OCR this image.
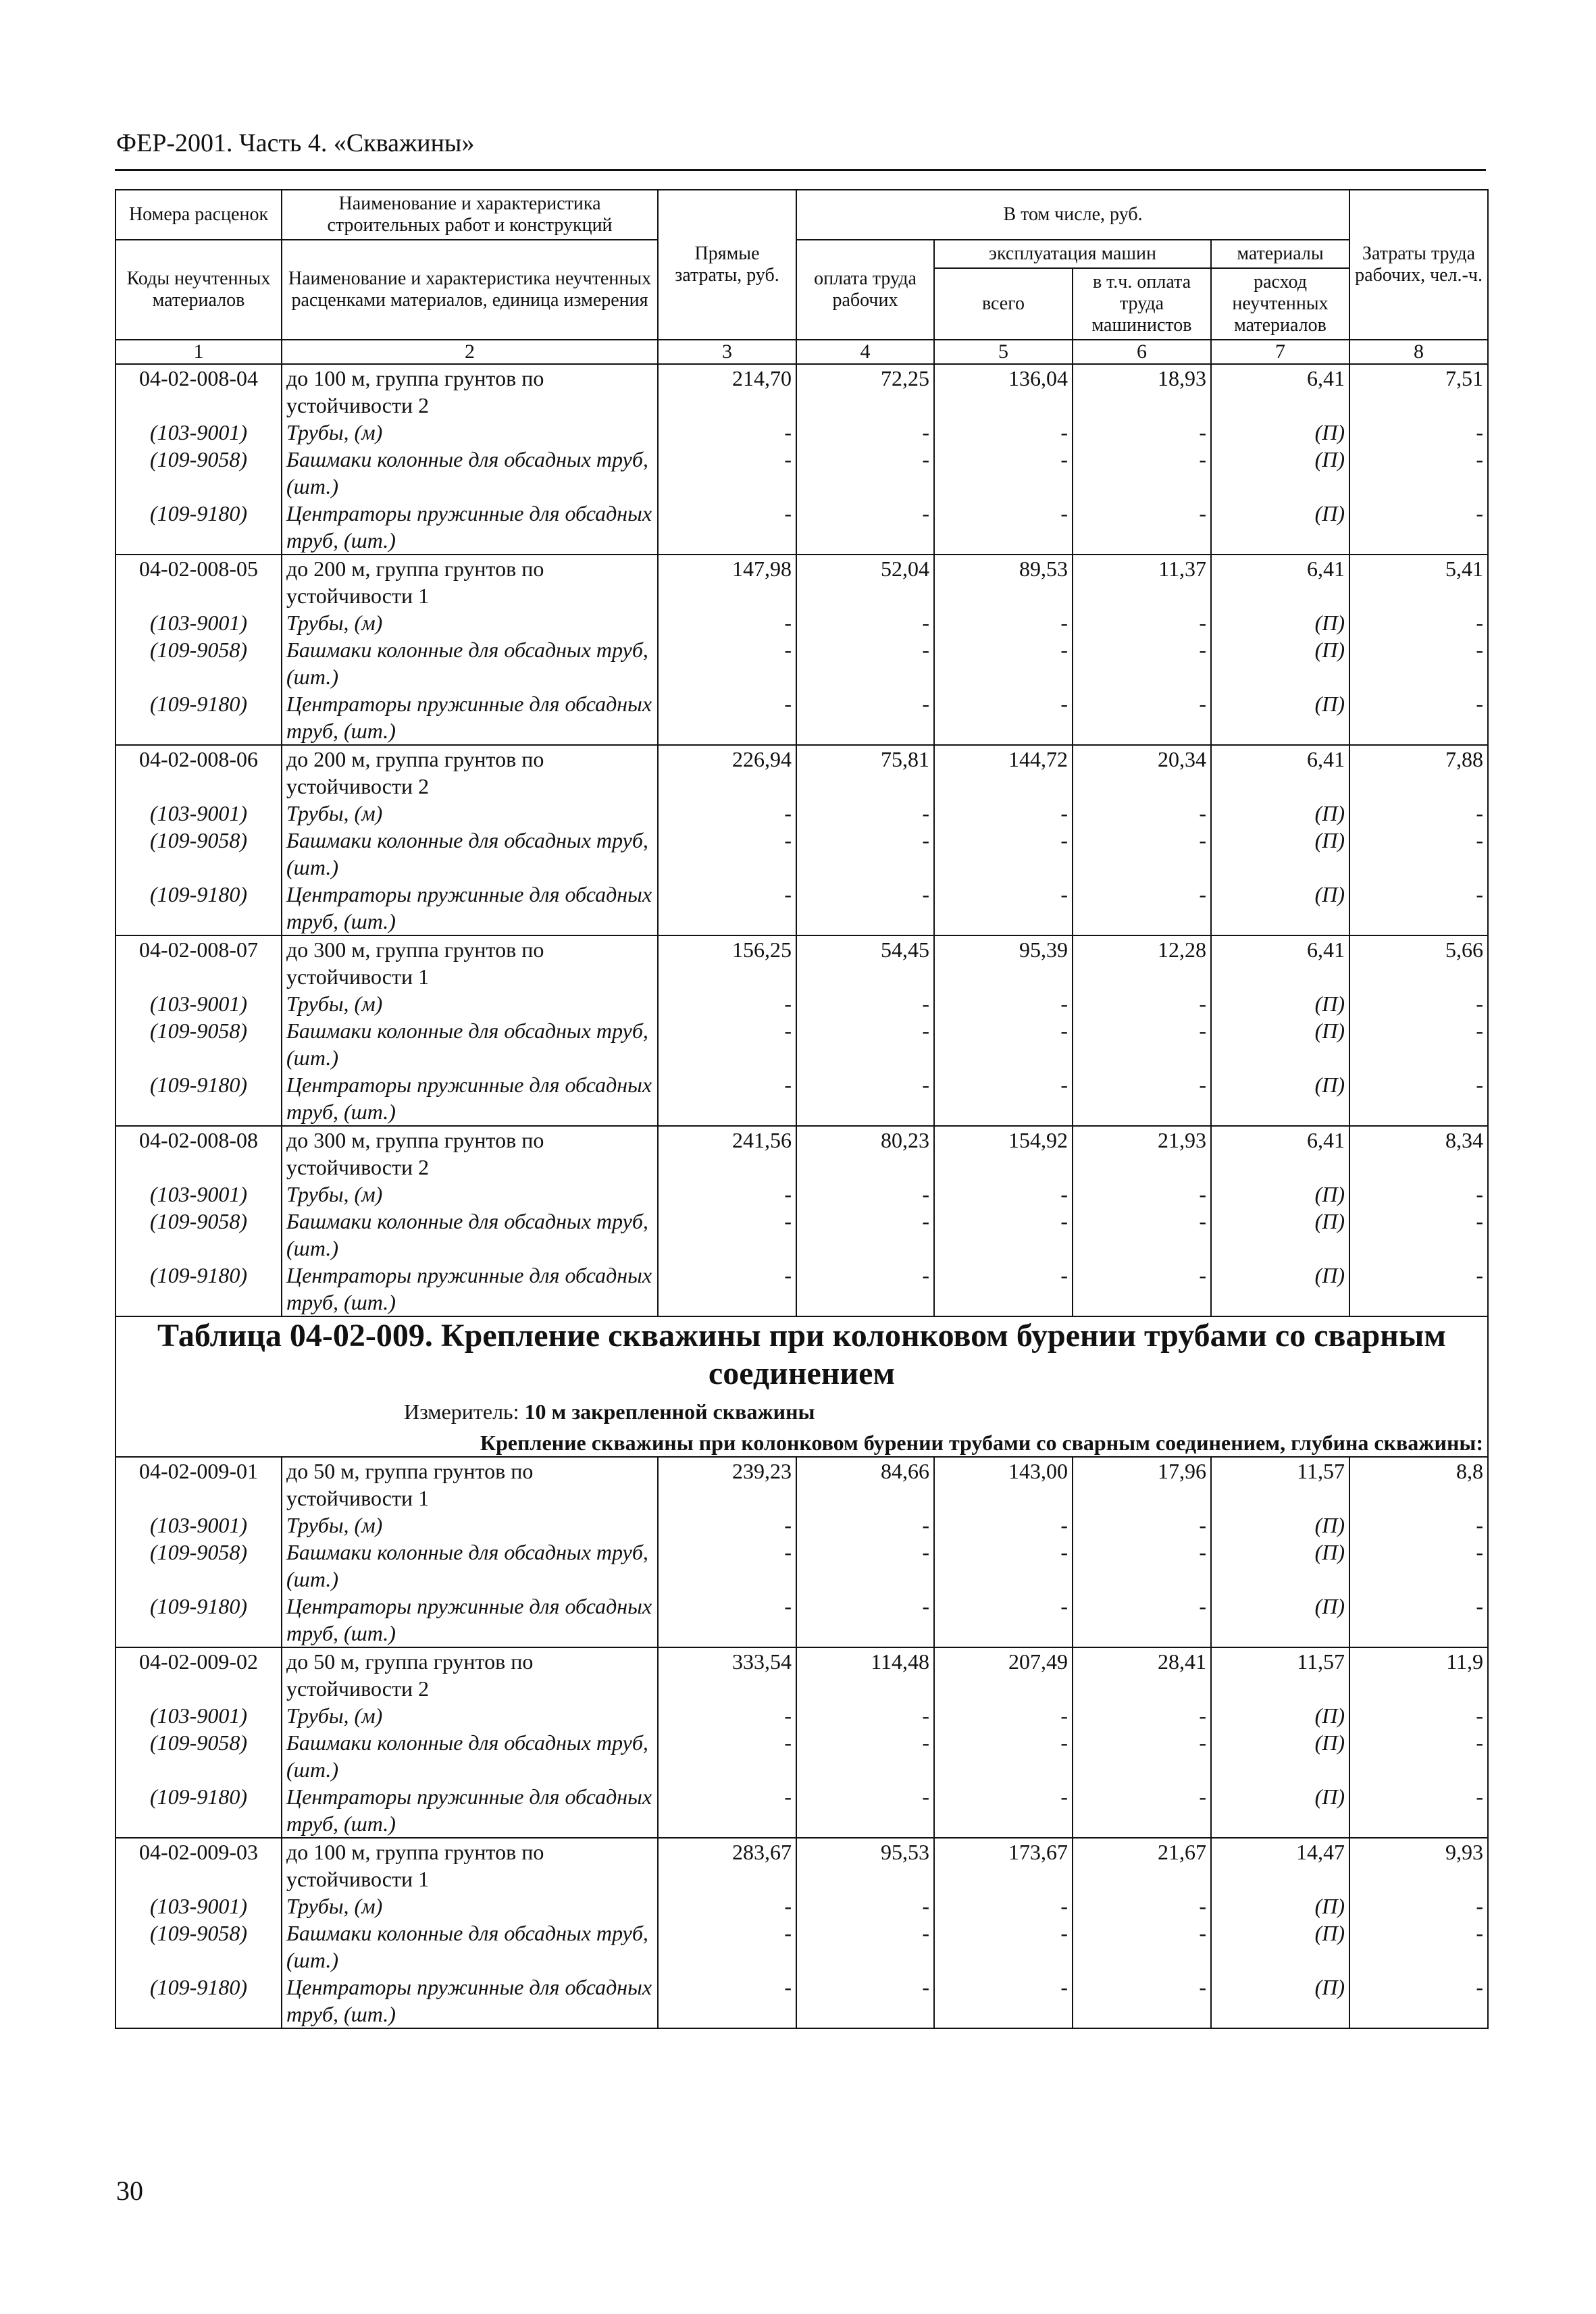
ФЕР-2001. Часть 4. «Скважины»
Номера расценок	Наименование и характеристика строительных работ и конструкций	Прямые затраты, руб.	В том числе, руб.				Затраты труда рабочих, чел.-ч.
Коды неучтенных материалов	Наименование и характеристика неучтенных расценками материалов, единица измерения		оплата труда рабочих	эксплуатация машин		материалы	
				всего	в т.ч. оплата труда машинистов	расход неучтенных материалов	
1	2	3	4	5	6	7	8
04-02-008-04	до 100 м, группа грунтов по устойчивости 2	214,70	72,25	136,04	18,93	6,41	7,51
(103-9001)	Трубы, (м)	-	-	-	-	(П)	-
(109-9058)	Башмаки колонные для обсадных труб, (шт.)	-	-	-	-	(П)	-
(109-9180)	Центраторы пружинные для обсадных труб, (шт.)	-	-	-	-	(П)	-
04-02-008-05	до 200 м, группа грунтов по устойчивости 1	147,98	52,04	89,53	11,37	6,41	5,41
(103-9001)	Трубы, (м)	-	-	-	-	(П)	-
(109-9058)	Башмаки колонные для обсадных труб, (шт.)	-	-	-	-	(П)	-
(109-9180)	Центраторы пружинные для обсадных труб, (шт.)	-	-	-	-	(П)	-
04-02-008-06	до 200 м, группа грунтов по устойчивости 2	226,94	75,81	144,72	20,34	6,41	7,88
(103-9001)	Трубы, (м)	-	-	-	-	(П)	-
(109-9058)	Башмаки колонные для обсадных труб, (шт.)	-	-	-	-	(П)	-
(109-9180)	Центраторы пружинные для обсадных труб, (шт.)	-	-	-	-	(П)	-
04-02-008-07	до 300 м, группа грунтов по устойчивости 1	156,25	54,45	95,39	12,28	6,41	5,66
(103-9001)	Трубы, (м)	-	-	-	-	(П)	-
(109-9058)	Башмаки колонные для обсадных труб, (шт.)	-	-	-	-	(П)	-
(109-9180)	Центраторы пружинные для обсадных труб, (шт.)	-	-	-	-	(П)	-
04-02-008-08	до 300 м, группа грунтов по устойчивости 2	241,56	80,23	154,92	21,93	6,41	8,34
(103-9001)	Трубы, (м)	-	-	-	-	(П)	-
(109-9058)	Башмаки колонные для обсадных труб, (шт.)	-	-	-	-	(П)	-
(109-9180)	Центраторы пружинные для обсадных труб, (шт.)	-	-	-	-	(П)	-

Таблица 04-02-009. Крепление скважины при колонковом бурении трубами со сварным соединением
Измеритель: 10 м закрепленной скважины							

Крепление скважины при колонковом бурении трубами со сварным соединением, глубина скважины:							
04-02-009-01	до 50 м, группа грунтов по устойчивости 1	239,23	84,66	143,00	17,96	11,57	8,8
(103-9001)	Трубы, (м)	-	-	-	-	(П)	-
(109-9058)	Башмаки колонные для обсадных труб, (шт.)	-	-	-	-	(П)	-
(109-9180)	Центраторы пружинные для обсадных труб, (шт.)	-	-	-	-	(П)	-
04-02-009-02	до 50 м, группа грунтов по устойчивости 2	333,54	114,48	207,49	28,41	11,57	11,9
(103-9001)	Трубы, (м)	-	-	-	-	(П)	-
(109-9058)	Башмаки колонные для обсадных труб, (шт.)	-	-	-	-	(П)	-
(109-9180)	Центраторы пружинные для обсадных труб, (шт.)	-	-	-	-	(П)	-
04-02-009-03	до 100 м, группа грунтов по устойчивости 1	283,67	95,53	173,67	21,67	14,47	9,93
(103-9001)	Трубы, (м)	-	-	-	-	(П)	-
(109-9058)	Башмаки колонные для обсадных труб, (шт.)	-	-	-	-	(П)	-
(109-9180)	Центраторы пружинные для обсадных труб, (шт.)	-	-	-	-	(П)	-
30
